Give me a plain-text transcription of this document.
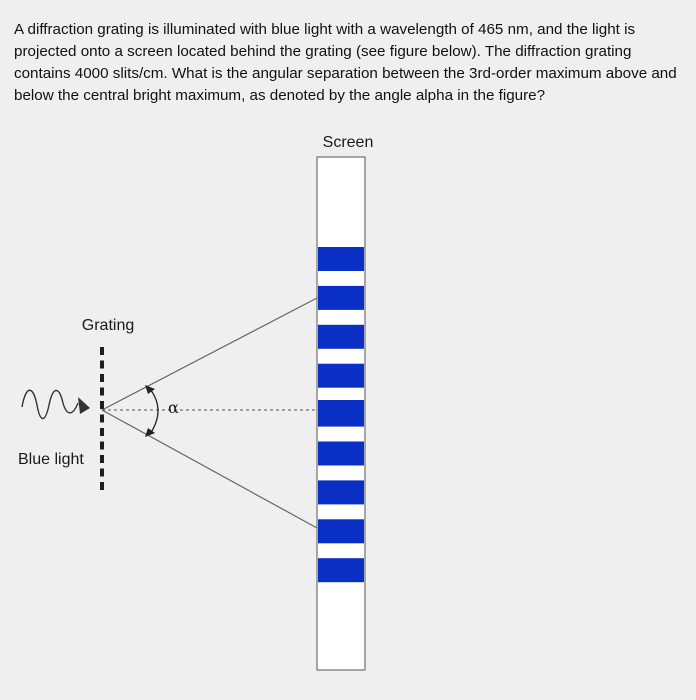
A diffraction grating is illuminated with blue light with a wavelength of 465 nm, and the light is projected onto a screen located behind the grating (see figure below). The diffraction grating contains 4000 slits/cm. What is the angular separation between the 3rd-order maximum above and below the central bright maximum, as denoted by the angle alpha in the figure?

Screen
Grating
α
Blue light
